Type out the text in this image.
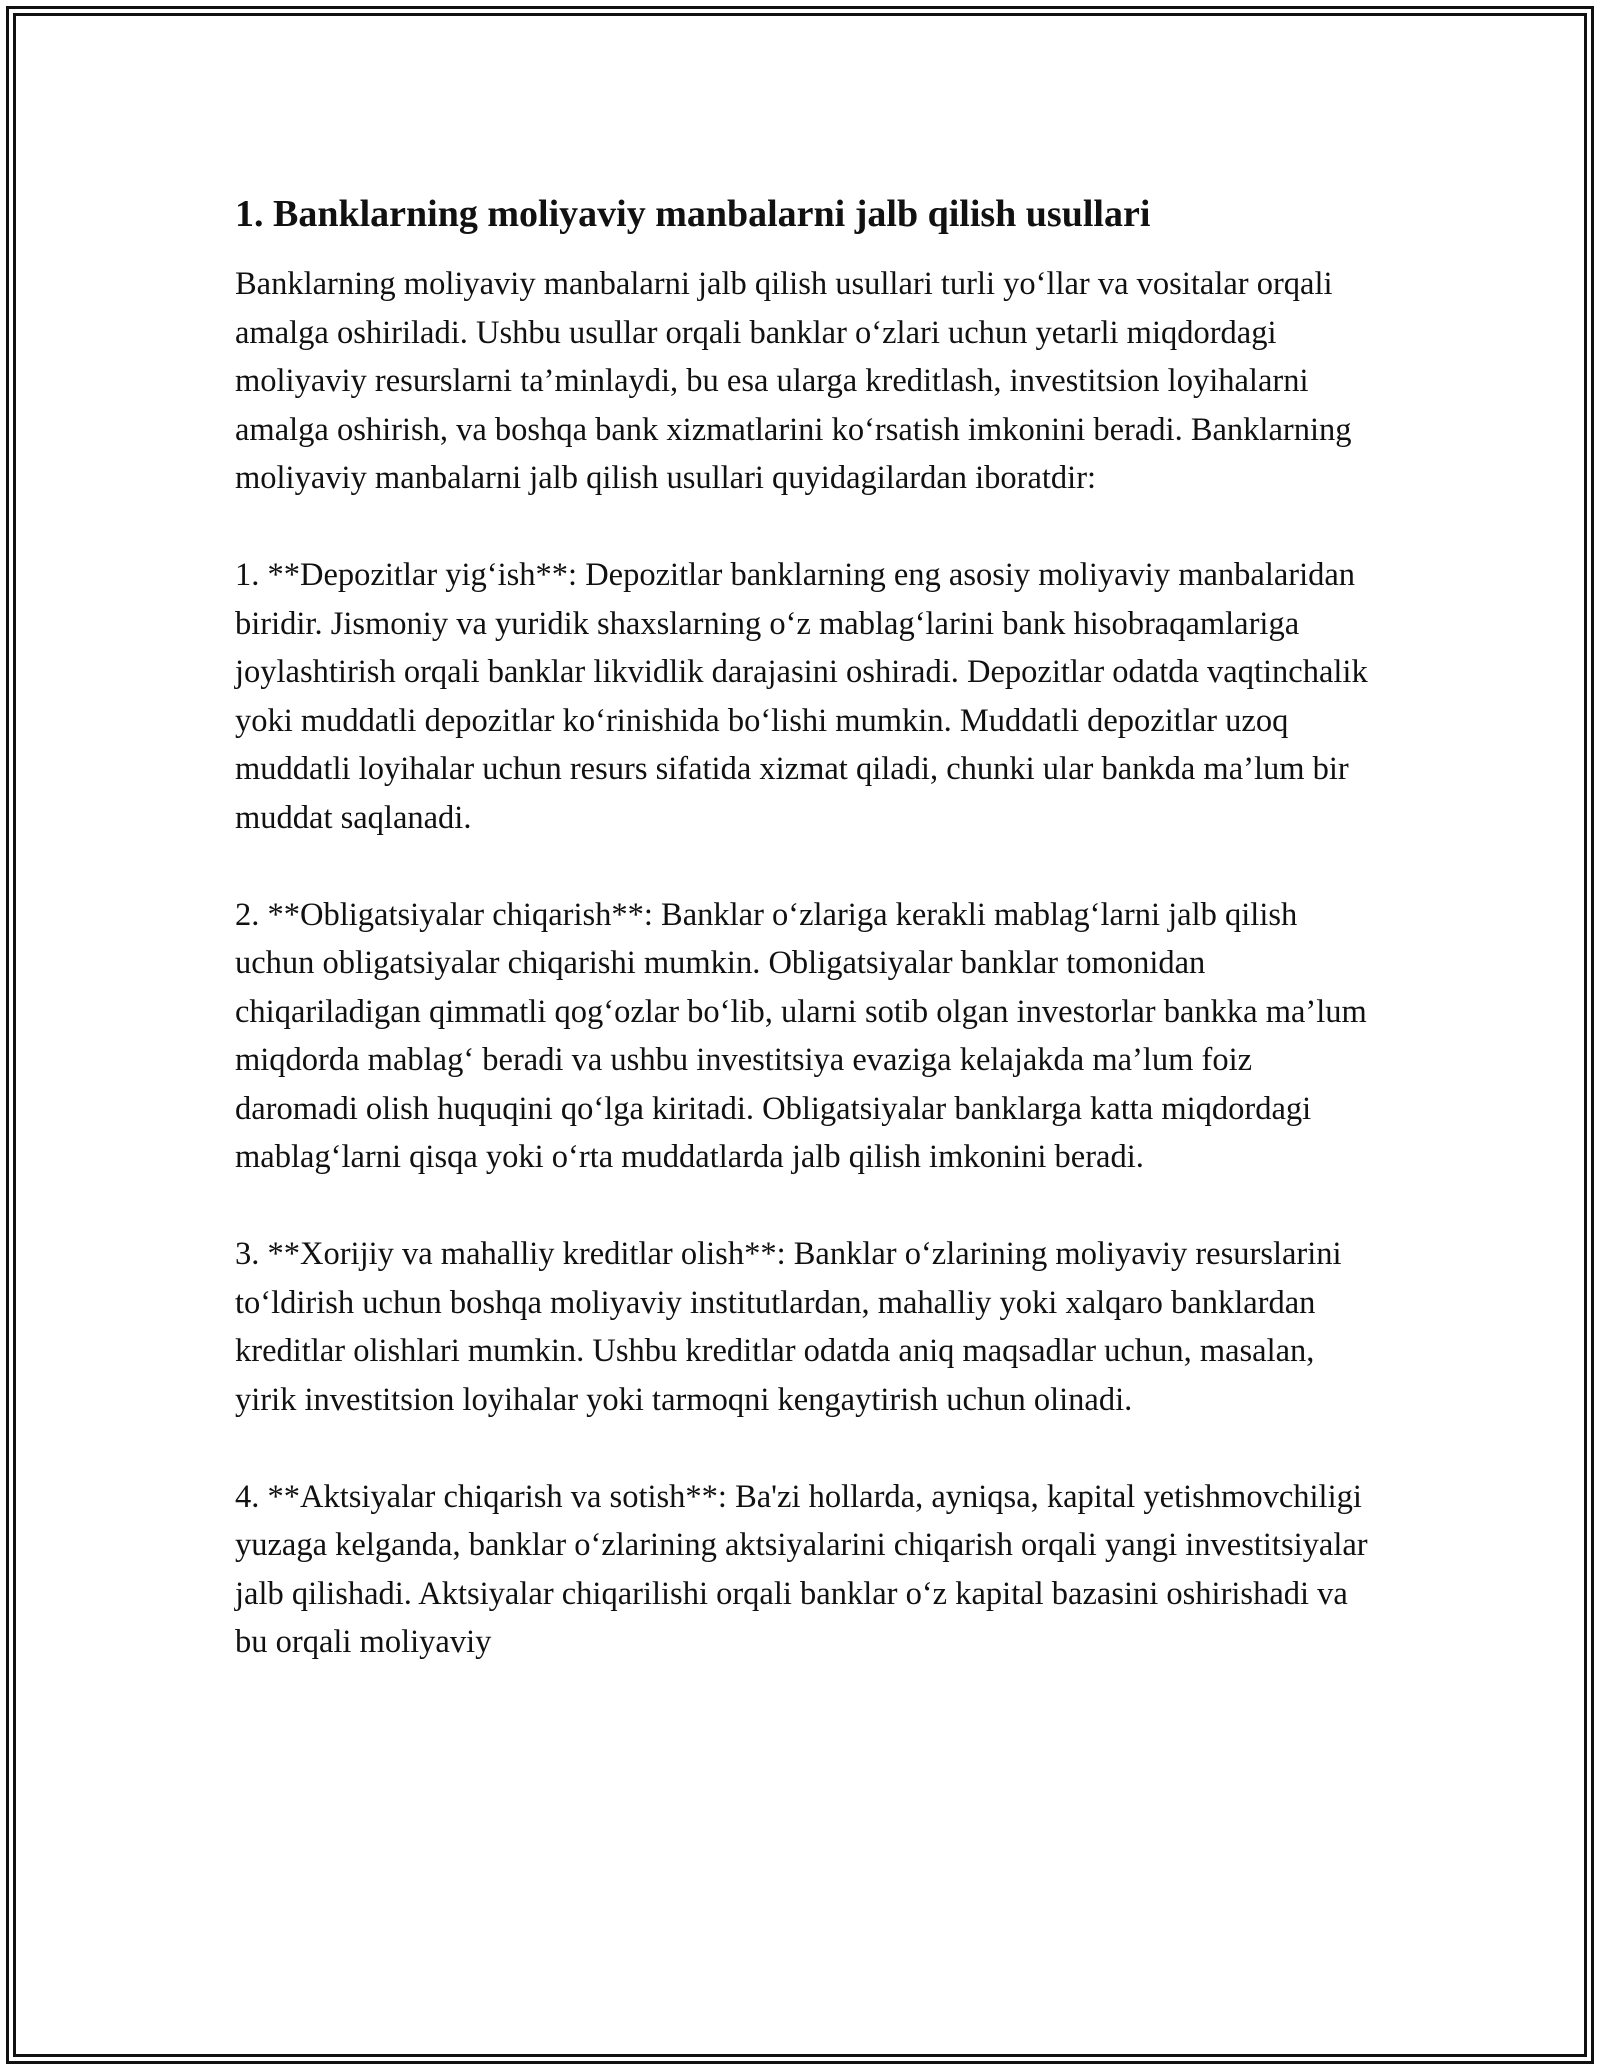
1. Banklarning moliyaviy manbalarni jalb qilish usullari

Banklarning moliyaviy manbalarni jalb qilish usullari turli yo‘llar va vositalar orqali amalga oshiriladi. Ushbu usullar orqali banklar o‘zlari uchun yetarli miqdordagi moliyaviy resurslarni ta’minlaydi, bu esa ularga kreditlash, investitsion loyihalarni amalga oshirish, va boshqa bank xizmatlarini ko‘rsatish imkonini beradi. Banklarning moliyaviy manbalarni jalb qilish usullari quyidagilardan iboratdir:

1. **Depozitlar yig‘ish**: Depozitlar banklarning eng asosiy moliyaviy manbalaridan biridir. Jismoniy va yuridik shaxslarning o‘z mablag‘larini bank hisobraqamlariga joylashtirish orqali banklar likvidlik darajasini oshiradi. Depozitlar odatda vaqtinchalik yoki muddatli depozitlar ko‘rinishida bo‘lishi mumkin. Muddatli depozitlar uzoq muddatli loyihalar uchun resurs sifatida xizmat qiladi, chunki ular bankda ma’lum bir muddat saqlanadi.

2. **Obligatsiyalar chiqarish**: Banklar o‘zlariga kerakli mablag‘larni jalb qilish uchun obligatsiyalar chiqarishi mumkin. Obligatsiyalar banklar tomonidan chiqariladigan qimmatli qog‘ozlar bo‘lib, ularni sotib olgan investorlar bankka ma’lum miqdorda mablag‘ beradi va ushbu investitsiya evaziga kelajakda ma’lum foiz daromadi olish huquqini qo‘lga kiritadi. Obligatsiyalar banklarga katta miqdordagi mablag‘larni qisqa yoki o‘rta muddatlarda jalb qilish imkonini beradi.

3. **Xorijiy va mahalliy kreditlar olish**: Banklar o‘zlarining moliyaviy resurslarini to‘ldirish uchun boshqa moliyaviy institutlardan, mahalliy yoki xalqaro banklardan kreditlar olishlari mumkin. Ushbu kreditlar odatda aniq maqsadlar uchun, masalan, yirik investitsion loyihalar yoki tarmoqni kengaytirish uchun olinadi.

4. **Aktsiyalar chiqarish va sotish**: Ba'zi hollarda, ayniqsa, kapital yetishmovchiligi yuzaga kelganda, banklar o‘zlarining aktsiyalarini chiqarish orqali yangi investitsiyalar jalb qilishadi. Aktsiyalar chiqarilishi orqali banklar o‘z kapital bazasini oshirishadi va bu orqali moliyaviy
